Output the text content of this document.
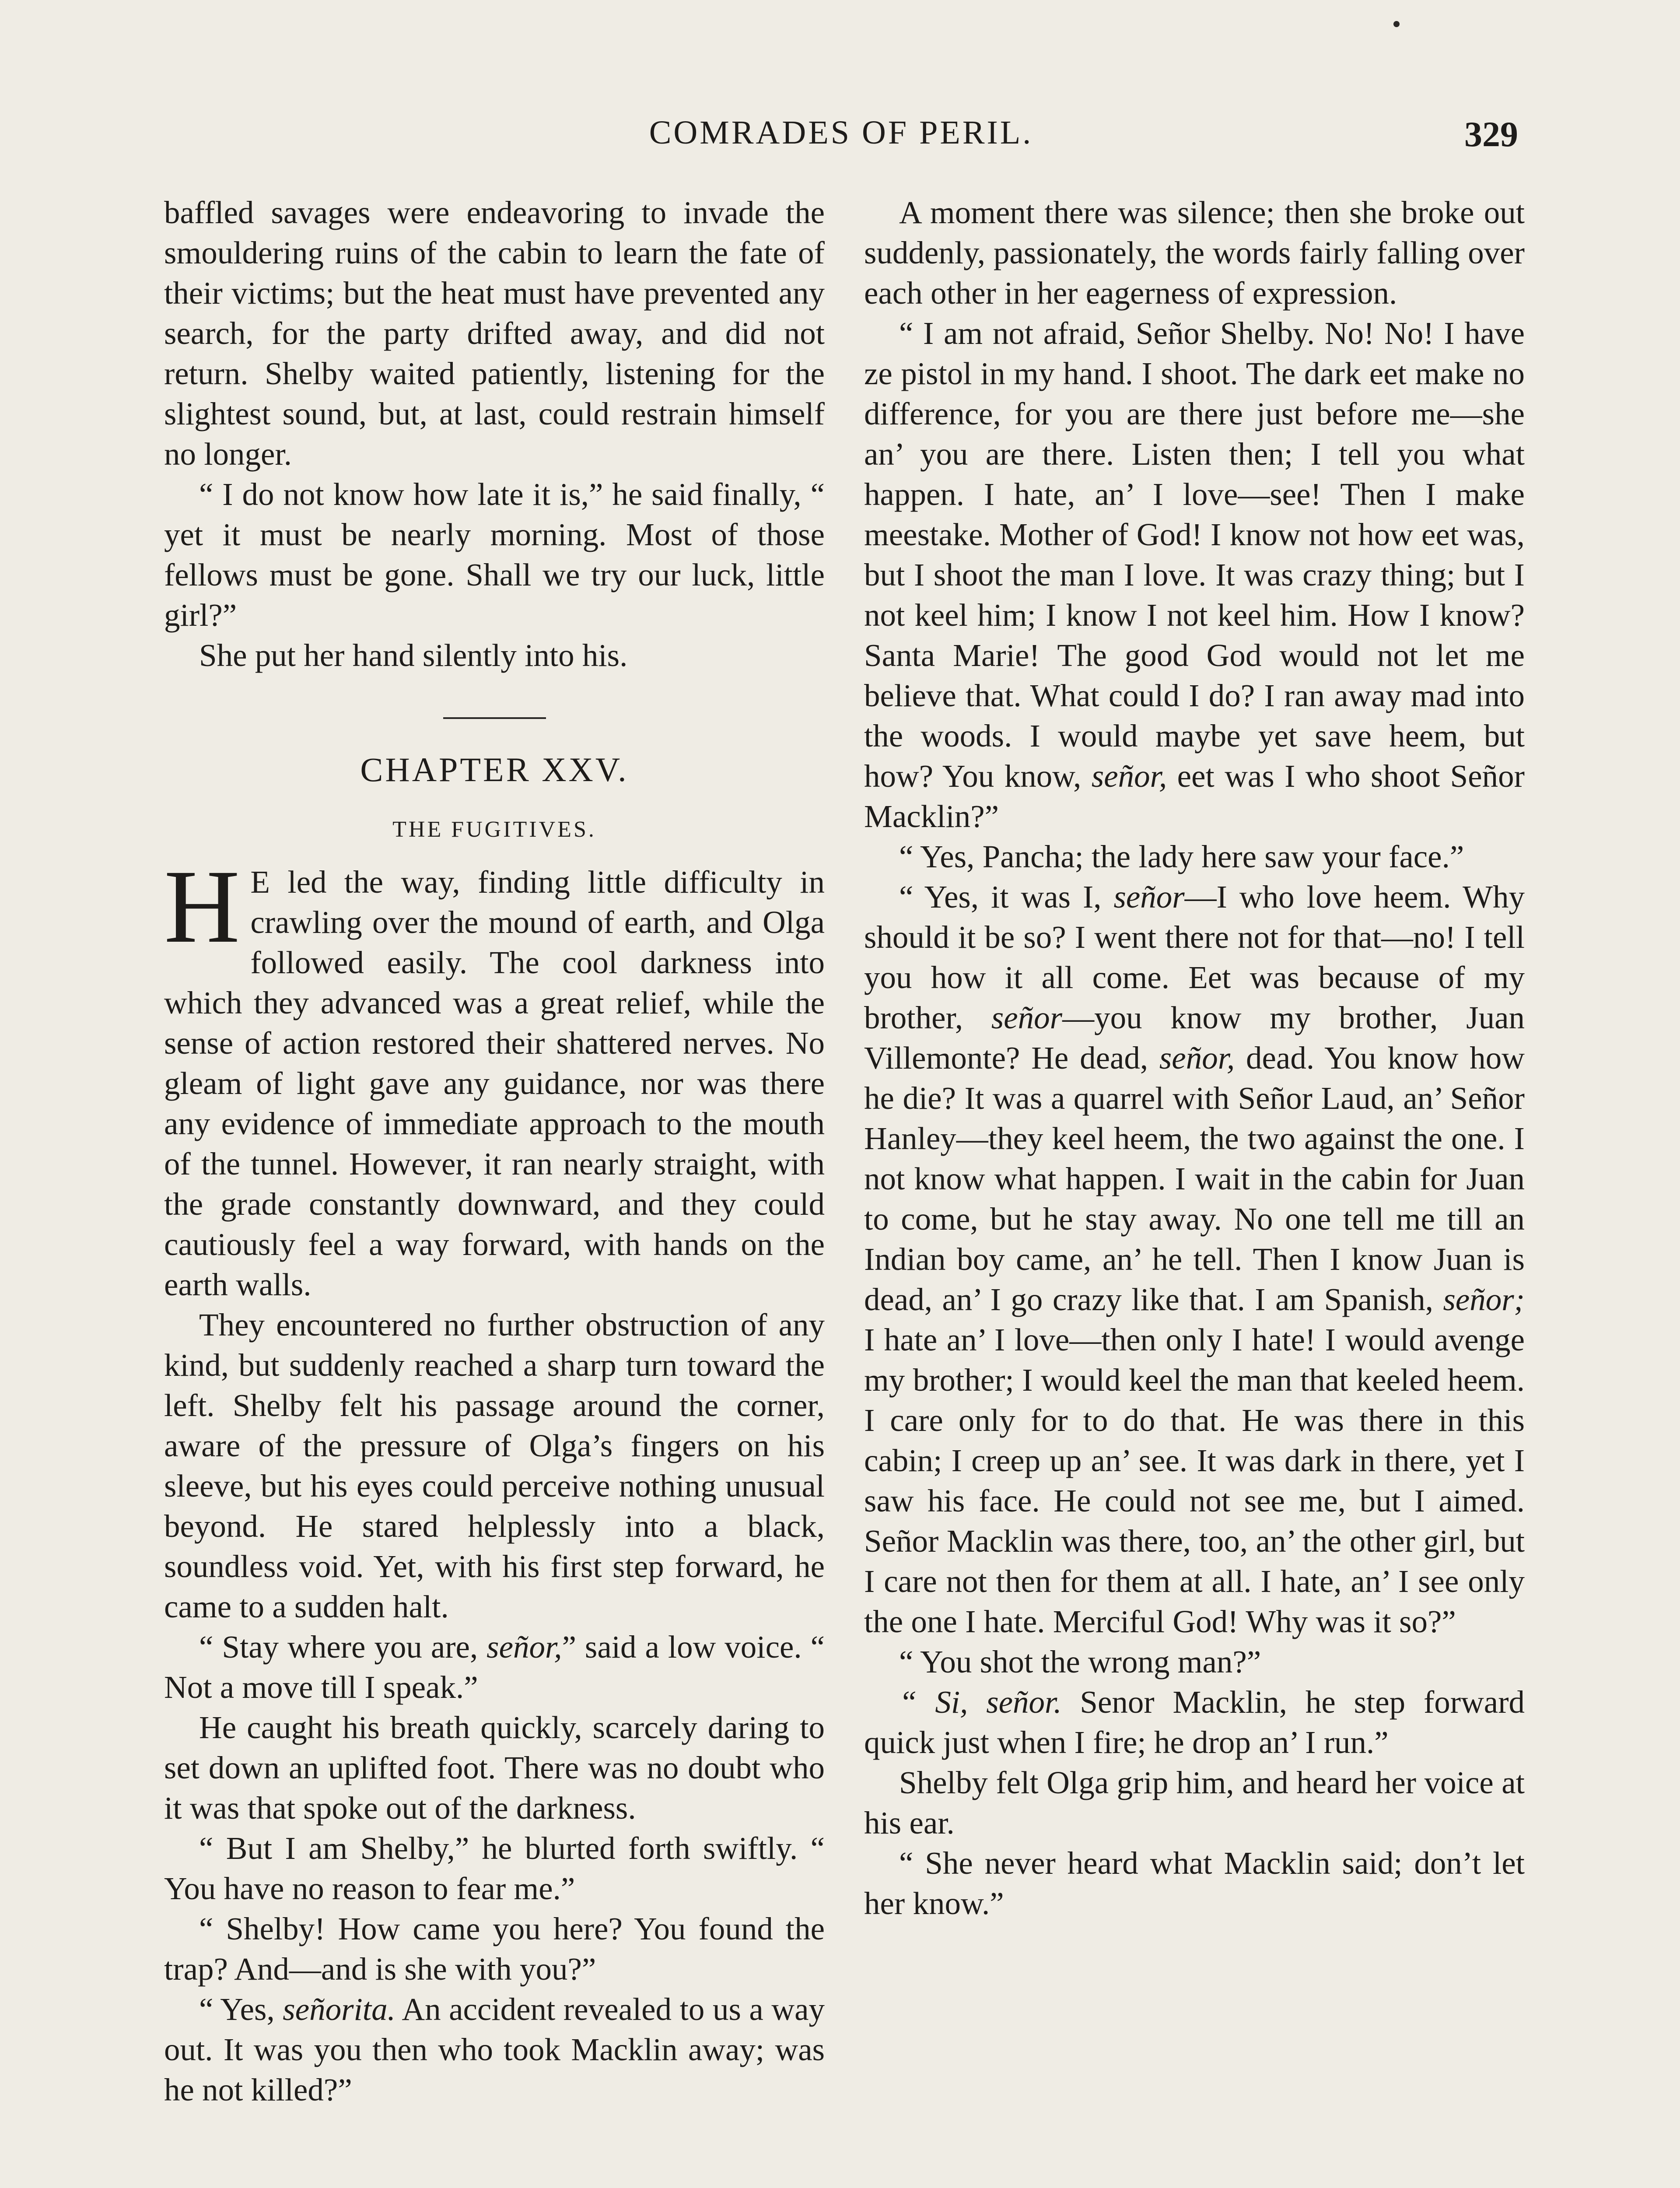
COMRADES OF PERIL.	329

baffled savages were endeavoring to invade the smouldering ruins of the cabin to learn the fate of their victims; but the heat must have prevented any search, for the party drifted away, and did not return. Shelby waited patiently, listening for the slightest sound, but, at last, could restrain himself no longer.

“ I do not know how late it is,” he said finally, “ yet it must be nearly morning. Most of those fellows must be gone. Shall we try our luck, little girl?”

She put her hand silently into his.

CHAPTER XXV.
THE FUGITIVES.

H E led the way, finding little difficulty in crawling over the mound of earth, and Olga followed easily. The cool darkness into which they advanced was a great relief, while the sense of action restored their shattered nerves. No gleam of light gave any guidance, nor was there any evidence of immediate approach to the mouth of the tunnel. However, it ran nearly straight, with the grade constantly downward, and they could cautiously feel a way forward, with hands on the earth walls.

They encountered no further obstruction of any kind, but suddenly reached a sharp turn toward the left. Shelby felt his passage around the corner, aware of the pressure of Olga’s fingers on his sleeve, but his eyes could perceive nothing unusual beyond. He stared helplessly into a black, soundless void. Yet, with his first step forward, he came to a sudden halt.

“ Stay where you are, señor,” said a low voice. “ Not a move till I speak.”

He caught his breath quickly, scarcely daring to set down an uplifted foot. There was no doubt who it was that spoke out of the darkness.

“ But I am Shelby,” he blurted forth swiftly. “ You have no reason to fear me.”

“ Shelby! How came you here? You found the trap? And—and is she with you?”

“ Yes, señorita. An accident revealed to us a way out. It was you then who took Macklin away; was he not killed?”

A moment there was silence; then she broke out suddenly, passionately, the words fairly falling over each other in her eagerness of expression.

“ I am not afraid, Señor Shelby. No! No! I have ze pistol in my hand. I shoot. The dark eet make no difference, for you are there just before me—she an’ you are there. Listen then; I tell you what happen. I hate, an’ I love—see! Then I make meestake. Mother of God! I know not how eet was, but I shoot the man I love. It was crazy thing; but I not keel him; I know I not keel him. How I know? Santa Marie! The good God would not let me believe that. What could I do? I ran away mad into the woods. I would maybe yet save heem, but how? You know, señor, eet was I who shoot Señor Macklin?”

“ Yes, Pancha; the lady here saw your face.”

“ Yes, it was I, señor—I who love heem. Why should it be so? I went there not for that—no! I tell you how it all come. Eet was because of my brother, señor—you know my brother, Juan Villemonte? He dead, señor, dead. You know how he die? It was a quarrel with Señor Laud, an’ Señor Hanley—they keel heem, the two against the one. I not know what happen. I wait in the cabin for Juan to come, but he stay away. No one tell me till an Indian boy came, an’ he tell. Then I know Juan is dead, an’ I go crazy like that. I am Spanish, señor; I hate an’ I love—then only I hate! I would avenge my brother; I would keel the man that keeled heem. I care only for to do that. He was there in this cabin; I creep up an’ see. It was dark in there, yet I saw his face. He could not see me, but I aimed. Señor Macklin was there, too, an’ the other girl, but I care not then for them at all. I hate, an’ I see only the one I hate. Merciful God! Why was it so?”

“ You shot the wrong man?”

“ Si, señor. Senor Macklin, he step forward quick just when I fire; he drop an’ I run.”

Shelby felt Olga grip him, and heard her voice at his ear.

“ She never heard what Macklin said; don’t let her know.”
